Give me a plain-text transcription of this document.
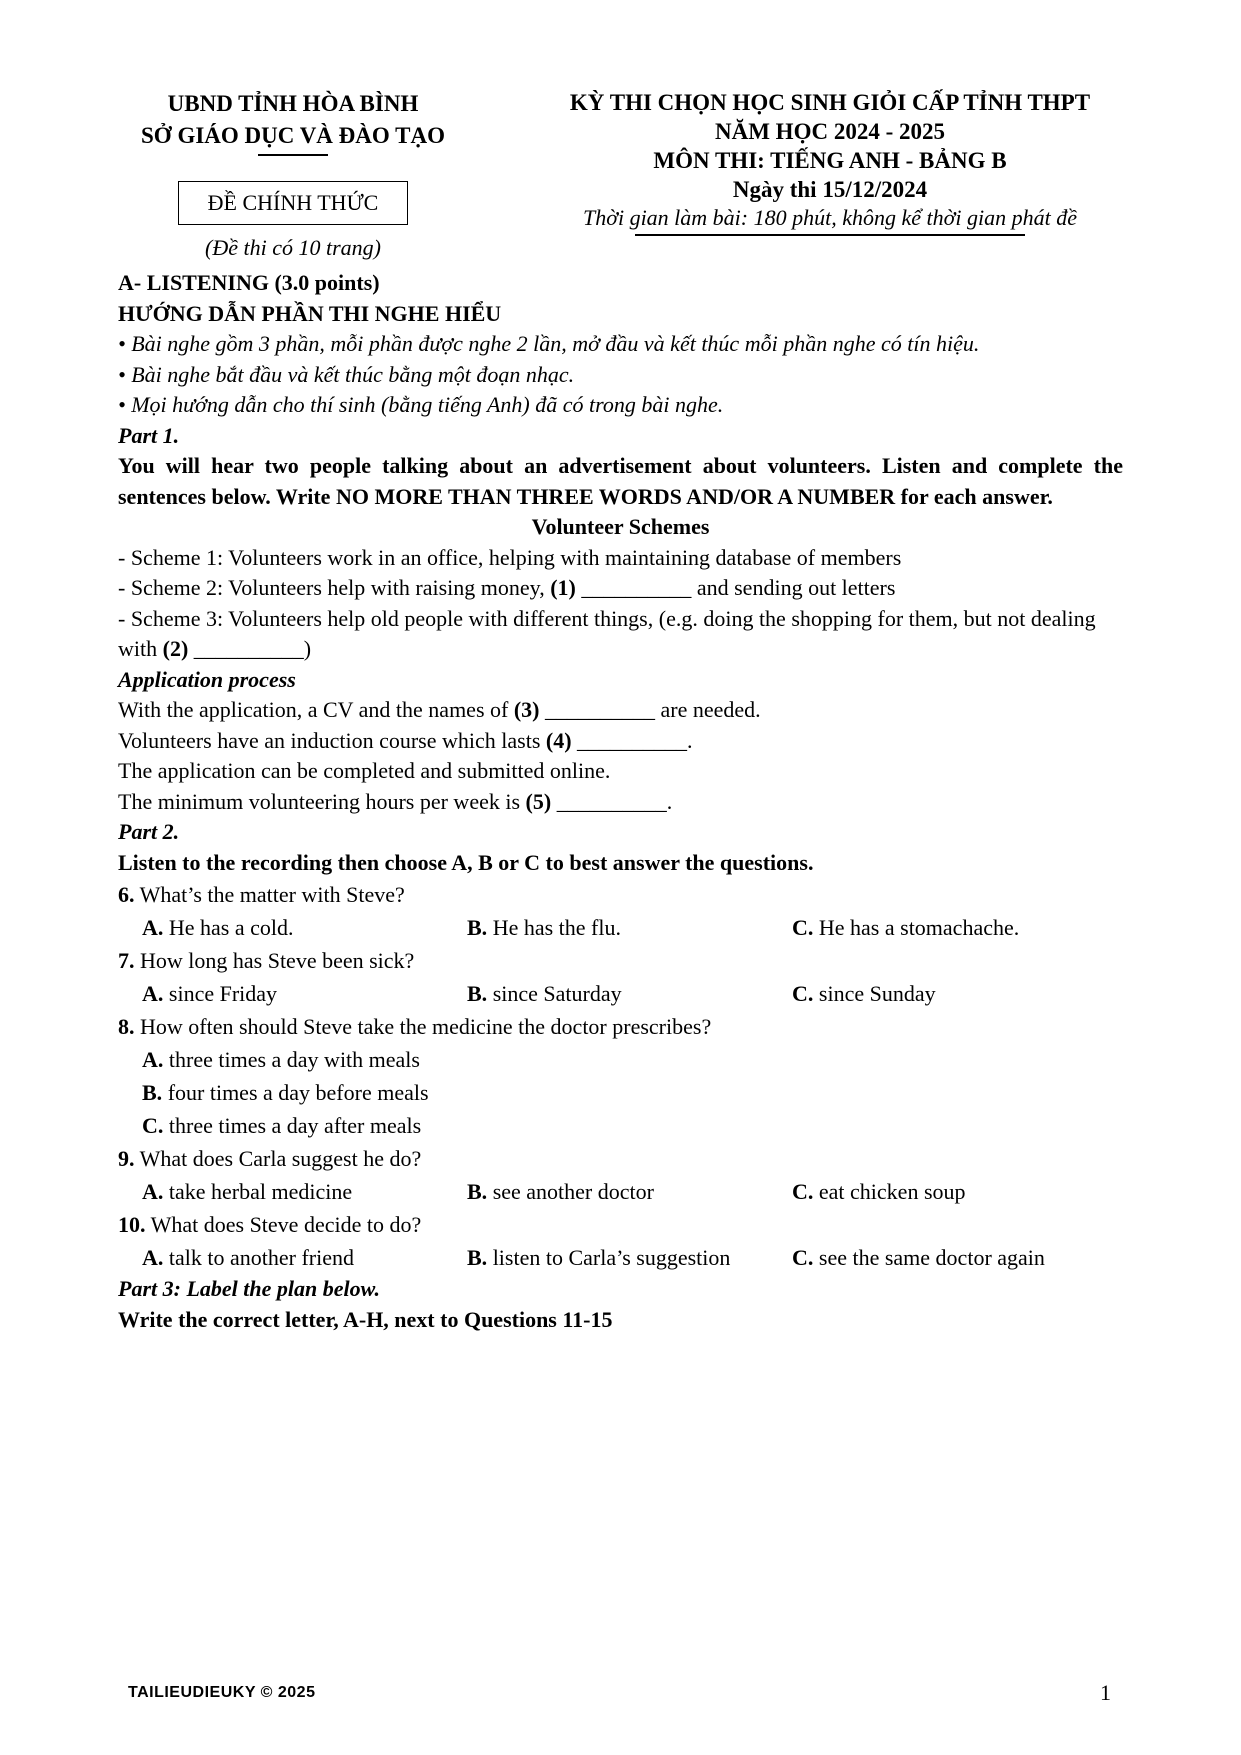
UBND TỈNH HÒA BÌNH
SỞ GIÁO DỤC VÀ ĐÀO TẠO
ĐỀ CHÍNH THỨC
(Đề thi có 10 trang)
KỲ THI CHỌN HỌC SINH GIỎI CẤP TỈNH THPT
NĂM HỌC 2024 - 2025
MÔN THI: TIẾNG ANH - BẢNG B
Ngày thi 15/12/2024
Thời gian làm bài: 180 phút, không kể thời gian phát đề
A- LISTENING (3.0 points)
HƯỚNG DẪN PHẦN THI NGHE HIỂU
• Bài nghe gồm 3 phần, mỗi phần được nghe 2 lần, mở đầu và kết thúc mỗi phần nghe có tín hiệu.
• Bài nghe bắt đầu và kết thúc bằng một đoạn nhạc.
• Mọi hướng dẫn cho thí sinh (bằng tiếng Anh) đã có trong bài nghe.
Part 1.
You will hear two people talking about an advertisement about volunteers. Listen and complete the sentences below. Write NO MORE THAN THREE WORDS AND/OR A NUMBER for each answer.
Volunteer Schemes
- Scheme 1: Volunteers work in an office, helping with maintaining database of members
- Scheme 2: Volunteers help with raising money, (1) __________ and sending out letters
- Scheme 3: Volunteers help old people with different things, (e.g. doing the shopping for them, but not dealing with (2) __________)
Application process
With the application, a CV and the names of (3) __________ are needed.
Volunteers have an induction course which lasts (4) __________.
The application can be completed and submitted online.
The minimum volunteering hours per week is (5) __________.
Part 2.
Listen to the recording then choose A, B or C to best answer the questions.
6. What’s the matter with Steve?
A. He has a cold.	B. He has the flu.	C. He has a stomachache.
7. How long has Steve been sick?
A. since Friday	B. since Saturday	C. since Sunday
8. How often should Steve take the medicine the doctor prescribes?
A. three times a day with meals
B. four times a day before meals
C. three times a day after meals
9. What does Carla suggest he do?
A. take herbal medicine	B. see another doctor	C. eat chicken soup
10. What does Steve decide to do?
A. talk to another friend	B. listen to Carla’s suggestion	C. see the same doctor again
Part 3: Label the plan below.
Write the correct letter, A-H, next to Questions 11-15
TAILIEUDIEUKY © 2025	1
